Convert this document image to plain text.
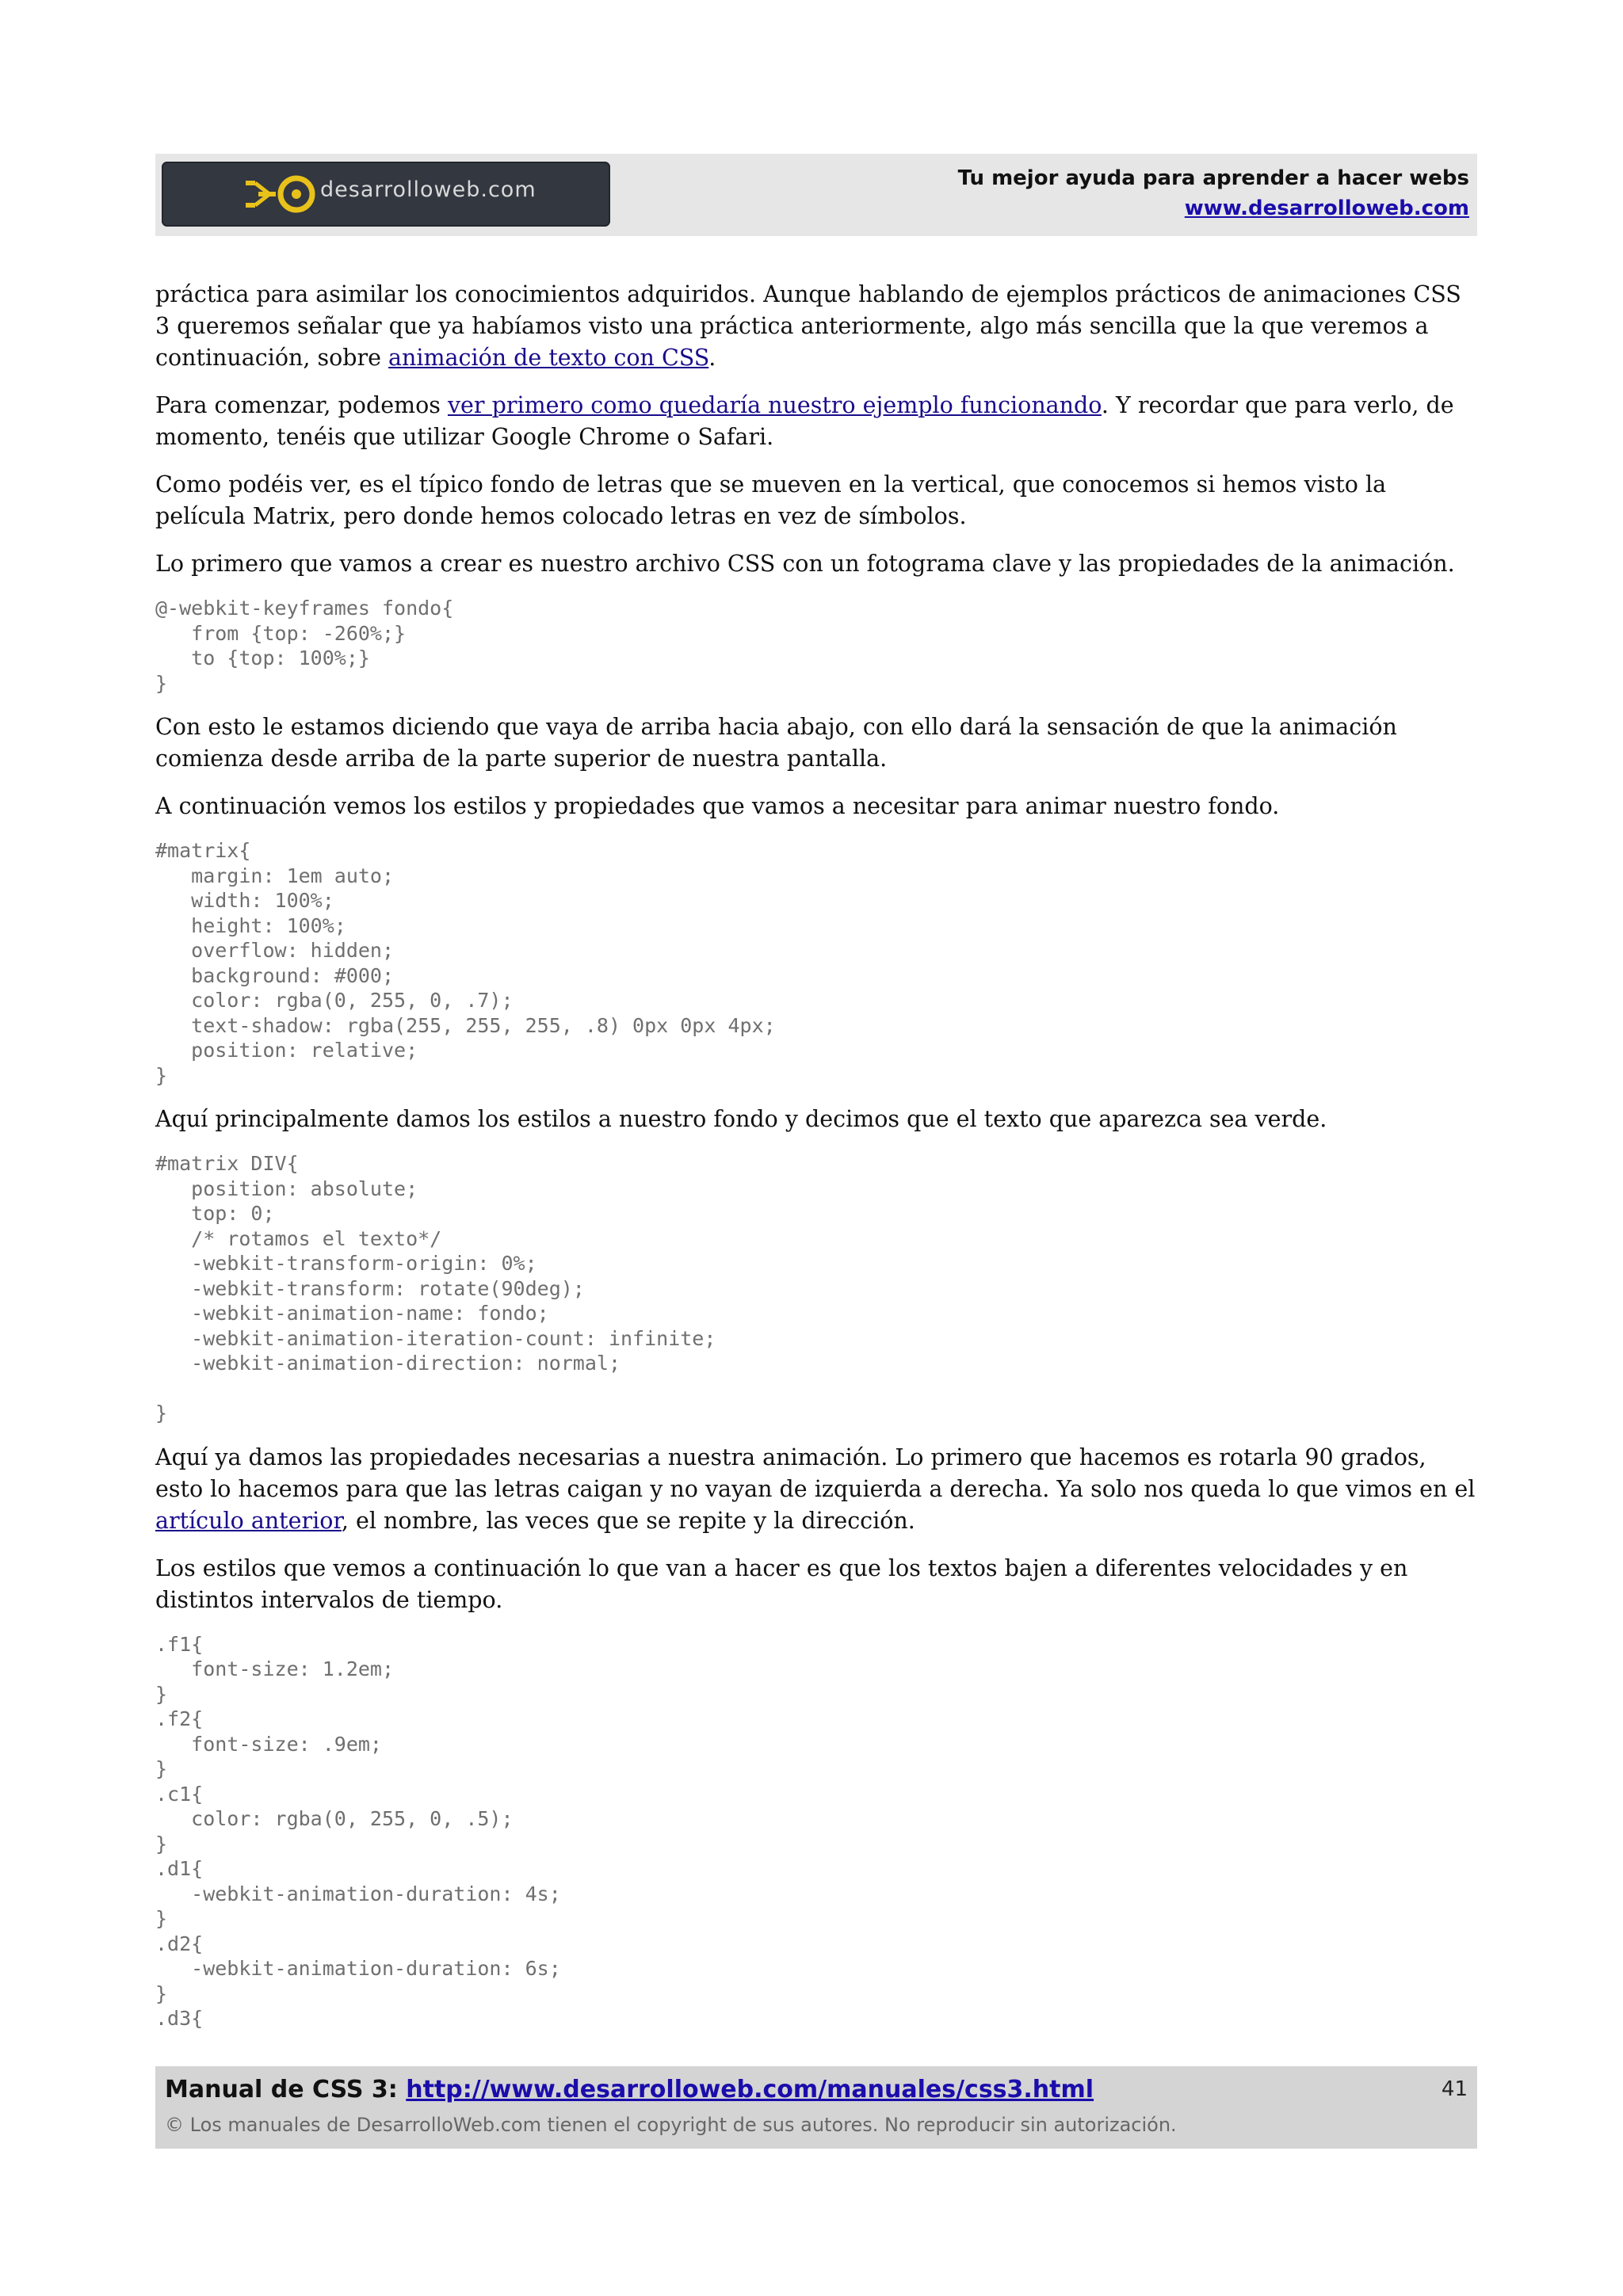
desarrolloweb.com	Tu mejor ayuda para aprender a hacer webs
www.desarrolloweb.com

práctica para asimilar los conocimientos adquiridos. Aunque hablando de ejemplos prácticos de animaciones CSS 3 queremos señalar que ya habíamos visto una práctica anteriormente, algo más sencilla que la que veremos a continuación, sobre animación de texto con CSS.

Para comenzar, podemos ver primero como quedaría nuestro ejemplo funcionando. Y recordar que para verlo, de momento, tenéis que utilizar Google Chrome o Safari.

Como podéis ver, es el típico fondo de letras que se mueven en la vertical, que conocemos si hemos visto la película Matrix, pero donde hemos colocado letras en vez de símbolos.

Lo primero que vamos a crear es nuestro archivo CSS con un fotograma clave y las propiedades de la animación.

@-webkit-keyframes fondo{
from {top: -260%;}
to {top: 100%;}
}

Con esto le estamos diciendo que vaya de arriba hacia abajo, con ello dará la sensación de que la animación comienza desde arriba de la parte superior de nuestra pantalla.

A continuación vemos los estilos y propiedades que vamos a necesitar para animar nuestro fondo.

#matrix{
margin: 1em auto;
width: 100%;
height: 100%;
overflow: hidden;
background: #000;
color: rgba(0, 255, 0, .7);
text-shadow: rgba(255, 255, 255, .8) 0px 0px 4px;
position: relative;
}

Aquí principalmente damos los estilos a nuestro fondo y decimos que el texto que aparezca sea verde.

#matrix DIV{
position: absolute;
top: 0;
/* rotamos el texto*/
-webkit-transform-origin: 0%;
-webkit-transform: rotate(90deg);
-webkit-animation-name: fondo;
-webkit-animation-iteration-count: infinite;
-webkit-animation-direction: normal;

}

Aquí ya damos las propiedades necesarias a nuestra animación. Lo primero que hacemos es rotarla 90 grados, esto lo hacemos para que las letras caigan y no vayan de izquierda a derecha. Ya solo nos queda lo que vimos en el artículo anterior, el nombre, las veces que se repite y la dirección.

Los estilos que vemos a continuación lo que van a hacer es que los textos bajen a diferentes velocidades y en distintos intervalos de tiempo.

.f1{
font-size: 1.2em;
}
.f2{
font-size: .9em;
}
.c1{
color: rgba(0, 255, 0, .5);
}
.d1{
-webkit-animation-duration: 4s;
}
.d2{
-webkit-animation-duration: 6s;
}
.d3{
Manual de CSS 3: http://www.desarrolloweb.com/manuales/css3.html
© Los manuales de DesarrolloWeb.com tienen el copyright de sus autores. No reproducir sin autorización.
41
